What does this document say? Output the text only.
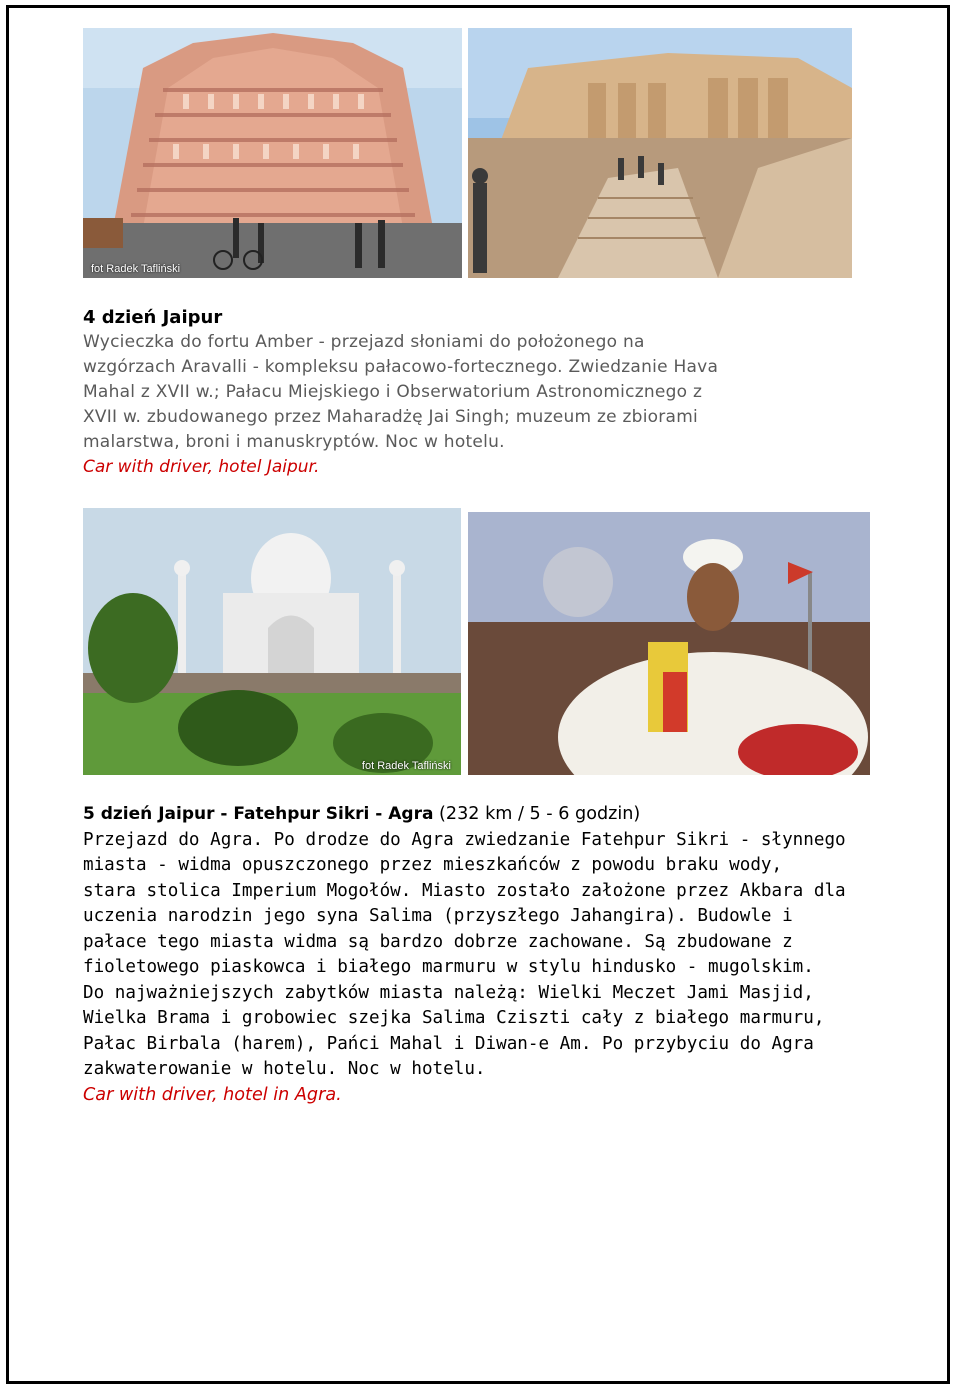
fot Radek Tafliński
4 dzień Jaipur
Wycieczka do fortu Amber - przejazd słoniami do położonego na
wzgórzach Aravalli - kompleksu pałacowo-fortecznego. Zwiedzanie Hava
Mahal z XVII w.; Pałacu Miejskiego i Obserwatorium Astronomicznego z
XVII w. zbudowanego przez Maharadżę Jai Singh; muzeum ze zbiorami
malarstwa, broni i manuskryptów. Noc w hotelu.
Car with driver, hotel Jaipur.
fot Radek Tafliński
5 dzień Jaipur - Fatehpur Sikri - Agra (232 km / 5 - 6 godzin)
Przejazd do Agra. Po drodze do Agra zwiedzanie Fatehpur Sikri - słynnego
miasta - widma opuszczonego przez mieszkańców z powodu braku wody,
stara stolica Imperium Mogołów. Miasto zostało założone przez Akbara dla
uczenia narodzin jego syna Salima (przyszłego Jahangira). Budowle i
pałace tego miasta widma są bardzo dobrze zachowane. Są zbudowane z
fioletowego piaskowca i białego marmuru w stylu hindusko - mugolskim.
Do najważniejszych zabytków miasta należą: Wielki Meczet Jami Masjid,
Wielka Brama i grobowiec szejka Salima Cziszti cały z białego marmuru,
Pałac Birbala (harem), Pańci Mahal i Diwan-e Am. Po przybyciu do Agra
zakwaterowanie w hotelu. Noc w hotelu.
Car with driver, hotel in Agra.
